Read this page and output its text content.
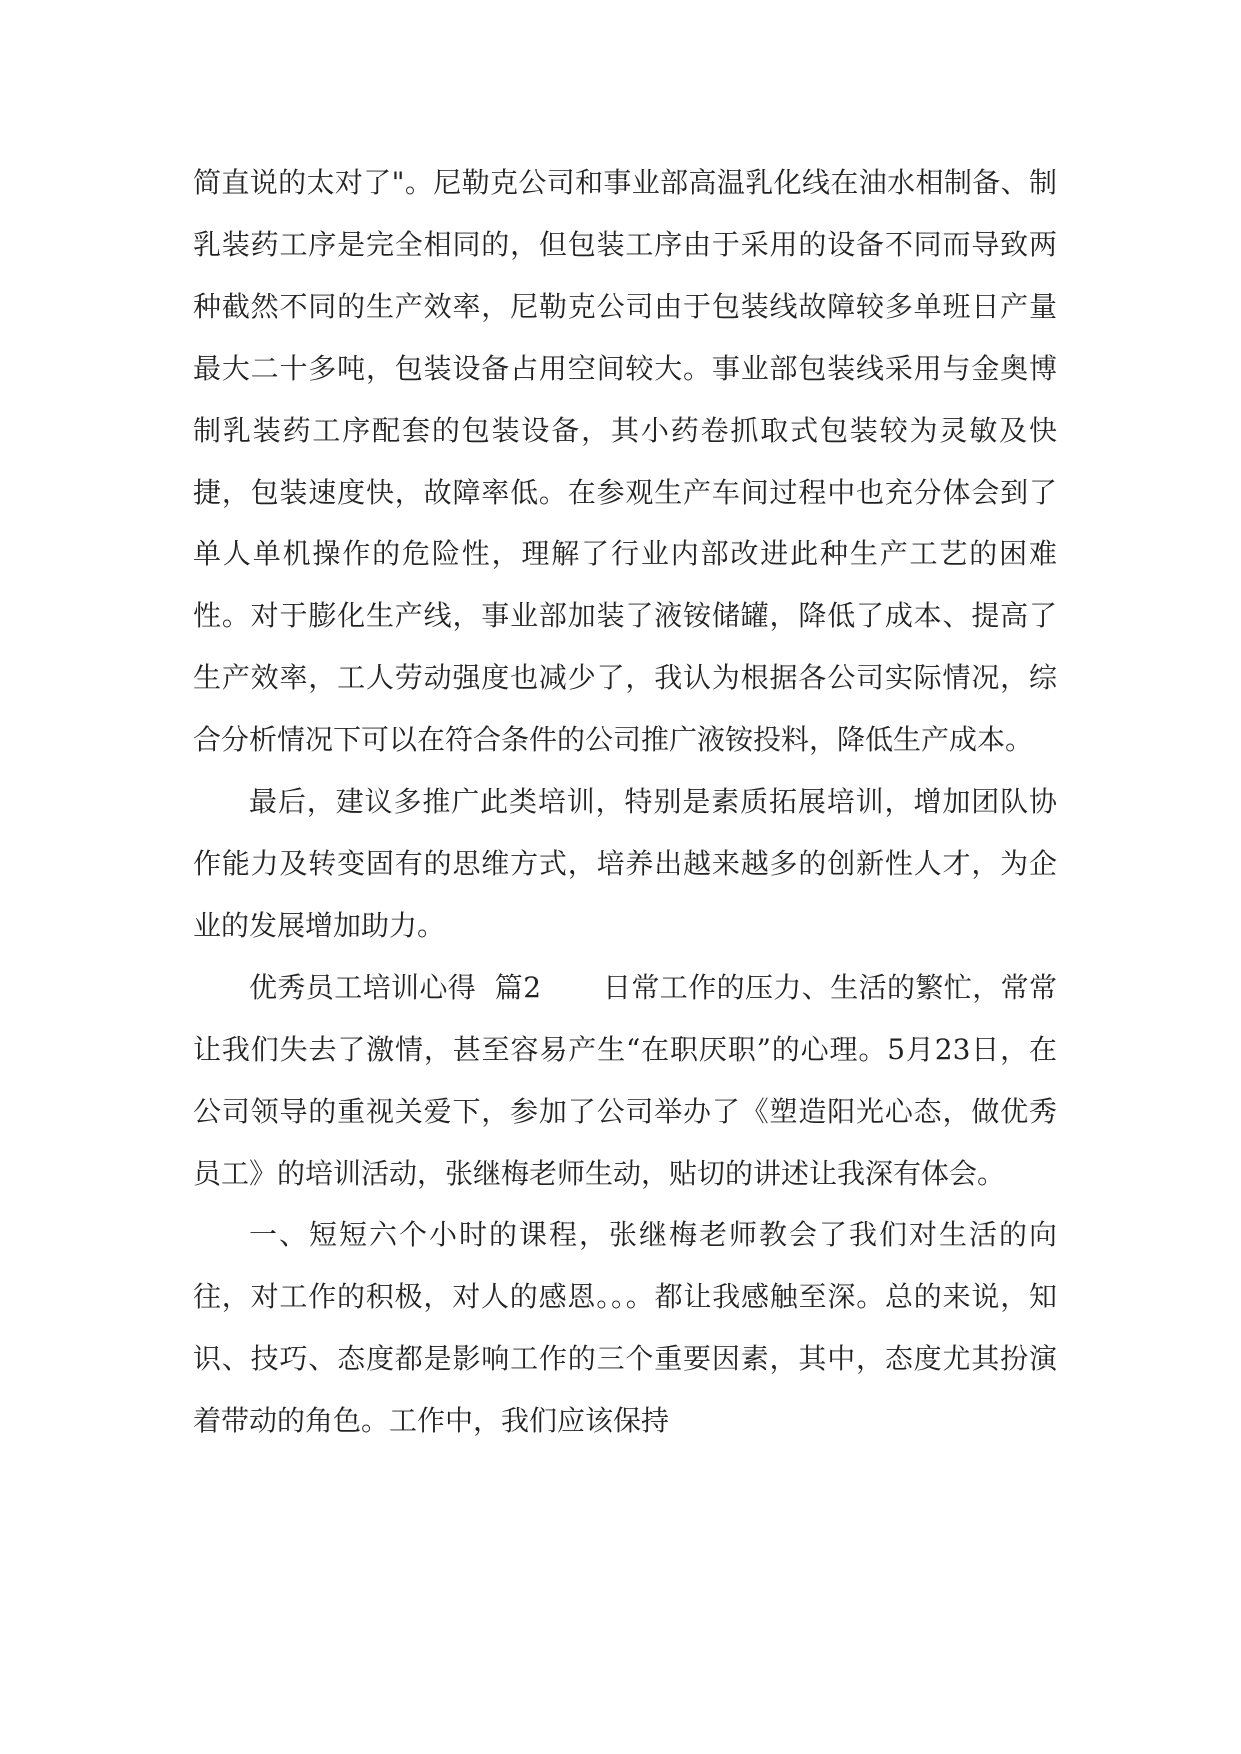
简直说的太对了"。尼勒克公司和事业部高温乳化线在油水相制备、制乳装药工序是完全相同的，但包装工序由于采用的设备不同而导致两种截然不同的生产效率，尼勒克公司由于包装线故障较多单班日产量最大二十多吨，包装设备占用空间较大。事业部包装线采用与金奥博制乳装药工序配套的包装设备，其小药卷抓取式包装较为灵敏及快捷，包装速度快，故障率低。在参观生产车间过程中也充分体会到了单人单机操作的危险性，理解了行业内部改进此种生产工艺的困难性。对于膨化生产线，事业部加装了液铵储罐，降低了成本、提高了生产效率，工人劳动强度也减少了，我认为根据各公司实际情况，综合分析情况下可以在符合条件的公司推广液铵投料，降低生产成本。

最后，建议多推广此类培训，特别是素质拓展培训，增加团队协作能力及转变固有的思维方式，培养出越来越多的创新性人才，为企业的发展增加助力。

优秀员工培训心得  篇2 日常工作的压力、生活的繁忙，常常让我们失去了激情，甚至容易产生“在职厌职”的心理。5月23日，在公司领导的重视关爱下，参加了公司举办了《塑造阳光心态，做优秀员工》的培训活动，张继梅老师生动，贴切的讲述让我深有体会。

一、短短六个小时的课程，张继梅老师教会了我们对生活的向往，对工作的积极，对人的感恩。。。都让我感触至深。总的来说，知识、技巧、态度都是影响工作的三个重要因素，其中，态度尤其扮演着带动的角色。工作中，我们应该保持
